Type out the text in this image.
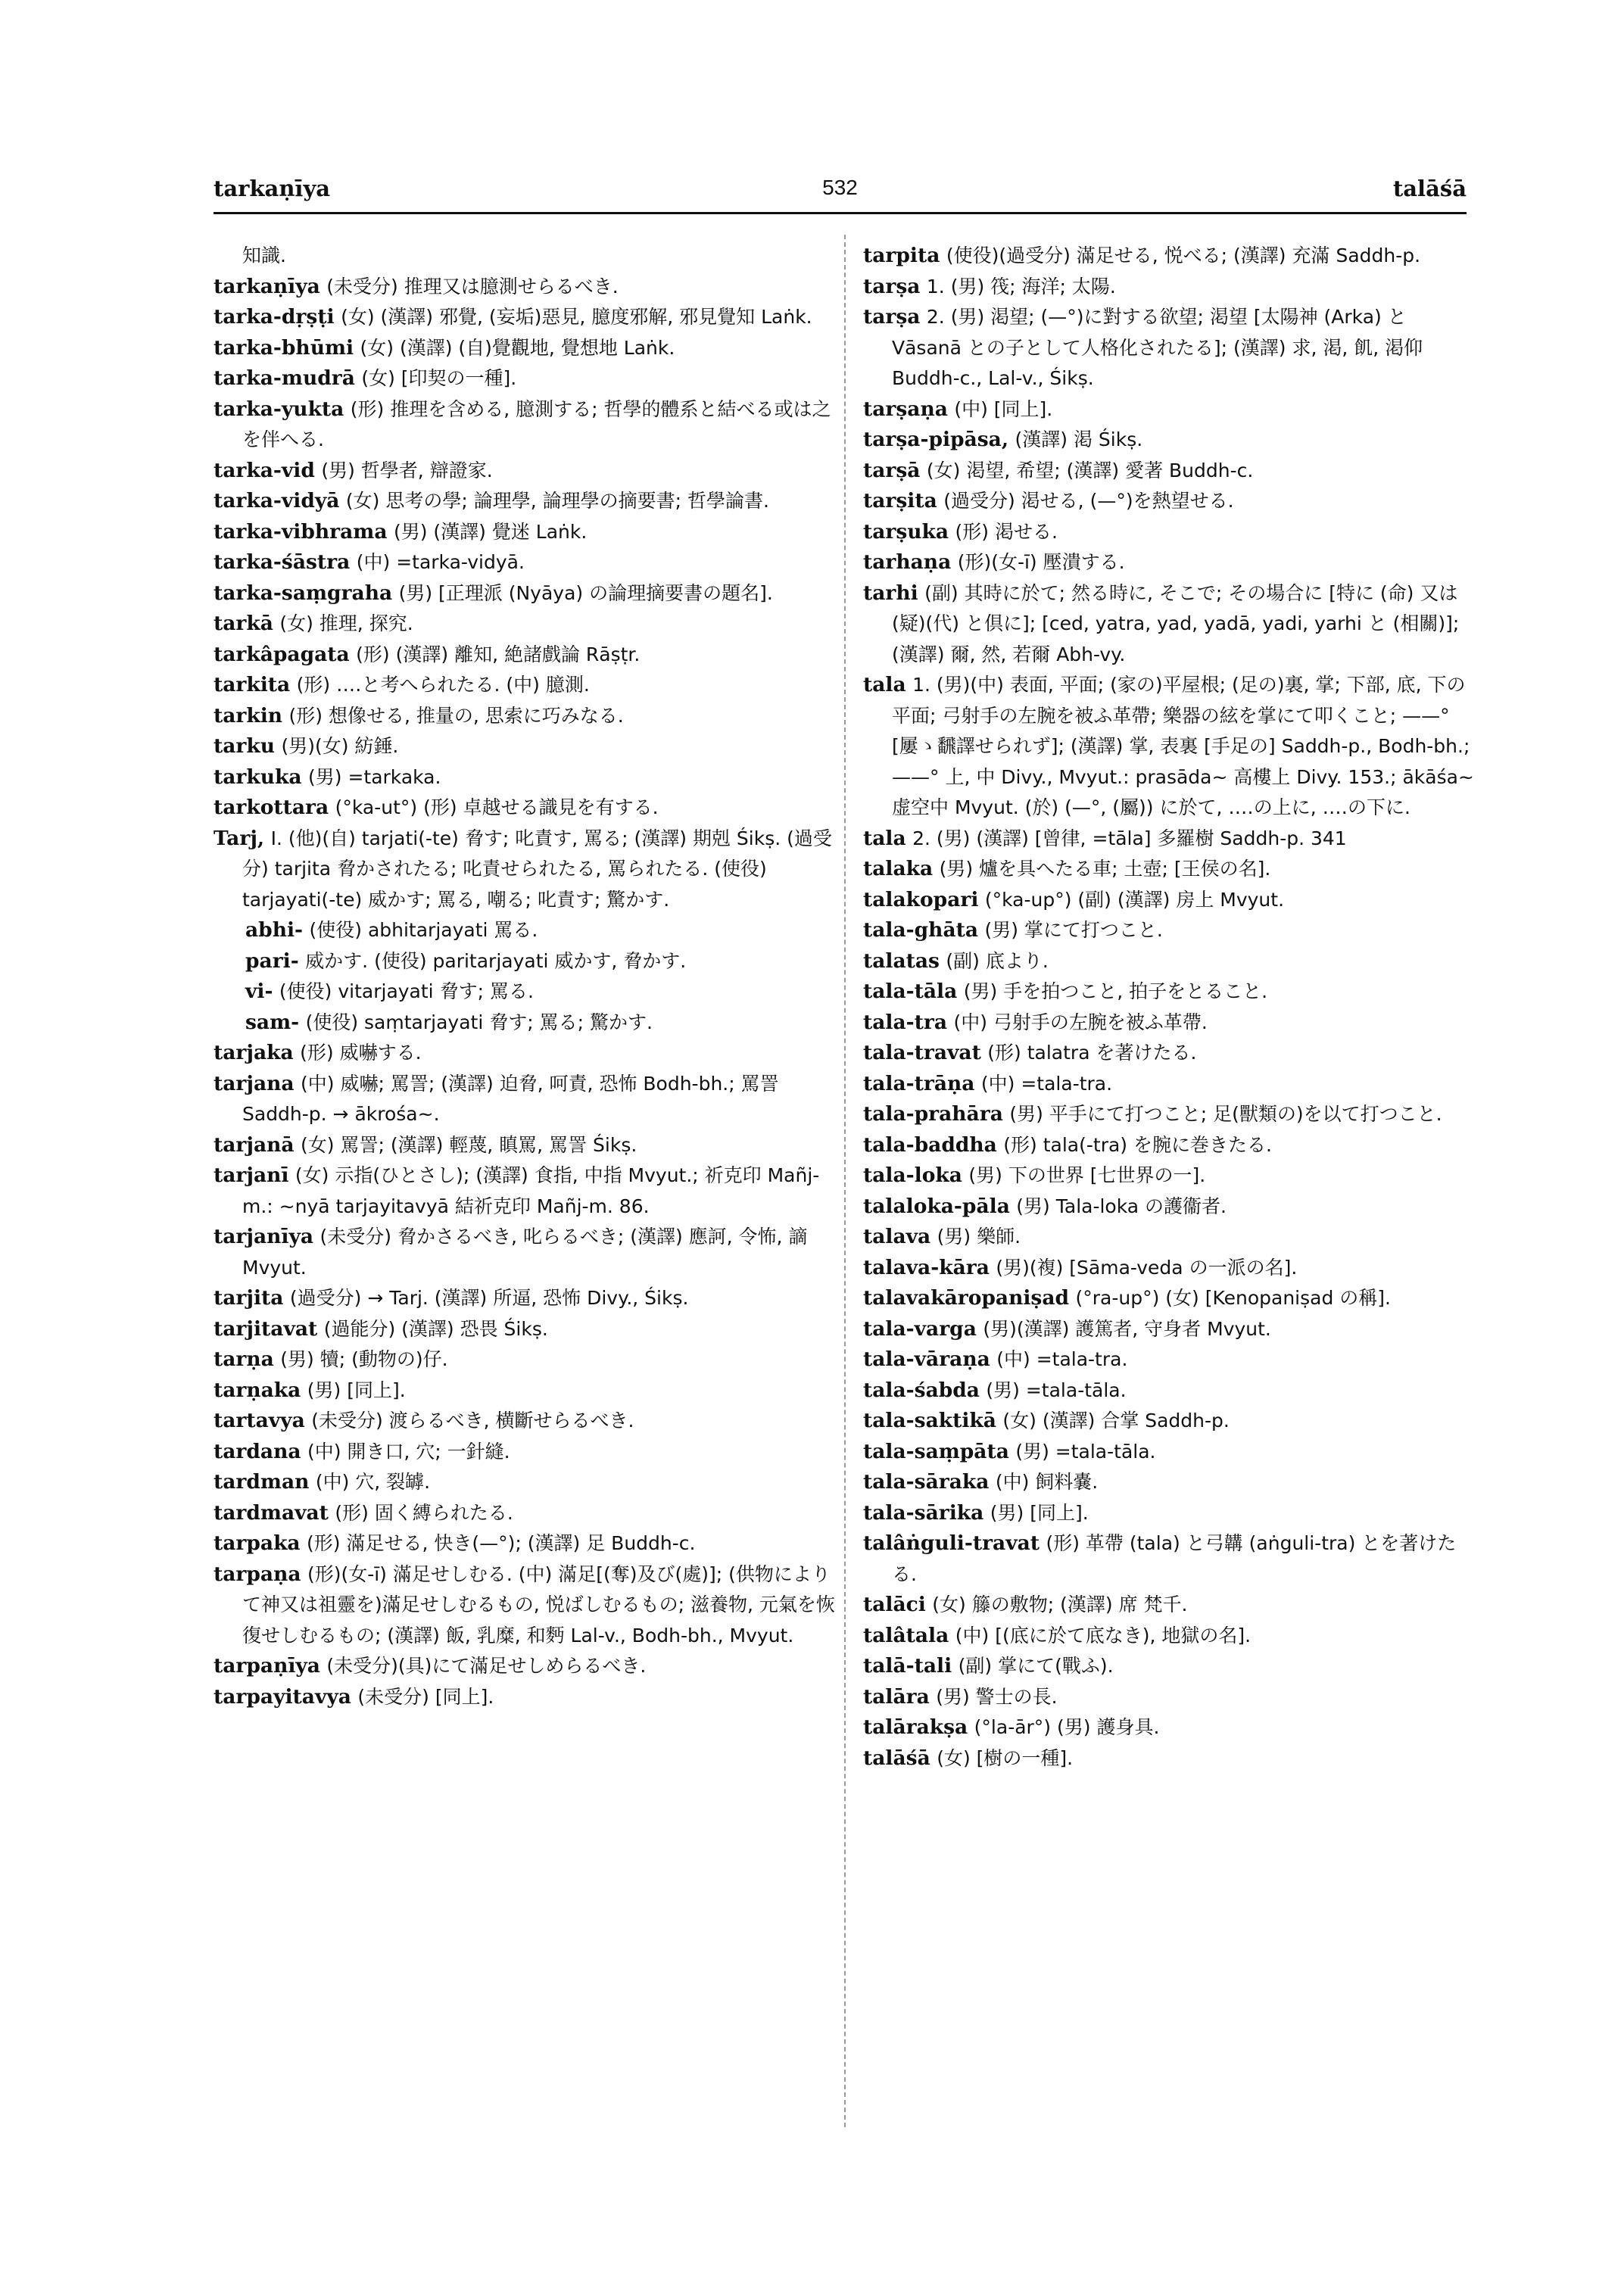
tarkaṇīya	532	talāśā

知識.

tarkaṇīya (未受分) 推理又は臆測せらるべき.

tarka-dṛṣṭi (女) (漢譯) 邪覺, (妄垢)惡見, 臆度邪解, 邪見覺知 Laṅk.

tarka-bhūmi (女) (漢譯) (自)覺觀地, 覺想地 Laṅk.

tarka-mudrā (女) [印契の一種].

tarka-yukta (形) 推理を含める, 臆測する; 哲學的體系と結べる或は之を伴へる.

tarka-vid (男) 哲學者, 辯證家.

tarka-vidyā (女) 思考の學; 論理學, 論理學の摘要書; 哲學論書.

tarka-vibhrama (男) (漢譯) 覺迷 Laṅk.

tarka-śāstra (中) =tarka-vidyā.

tarka-saṃgraha (男) [正理派 (Nyāya) の論理摘要書の題名].

tarkā (女) 推理, 探究.

tarkâpagata (形) (漢譯) 離知, 絶諸戲論 Rāṣṭr.

tarkita (形) ‥‥と考へられたる. (中) 臆測.

tarkin (形) 想像せる, 推量の, 思索に巧みなる.

tarku (男)(女) 紡錘.

tarkuka (男) =tarkaka.

tarkottara (°ka-ut°) (形) 卓越せる識見を有する.

Tarj, I. (他)(自) tarjati(-te) 脅す; 叱責す, 罵る; (漢譯) 期剋 Śikṣ. (過受分) tarjita 脅かされたる; 叱責せられたる, 罵られたる. (使役) tarjayati(-te) 威かす; 罵る, 嘲る; 叱責す; 驚かす.

abhi- (使役) abhitarjayati 罵る.

pari- 威かす. (使役) paritarjayati 威かす, 脅かす.

vi- (使役) vitarjayati 脅す; 罵る.

sam- (使役) saṃtarjayati 脅す; 罵る; 驚かす.

tarjaka (形) 威嚇する.

tarjana (中) 威嚇; 罵詈; (漢譯) 迫脅, 呵責, 恐怖 Bodh-bh.; 罵詈 Saddh-p. → ākrośa~.

tarjanā (女) 罵詈; (漢譯) 輕蔑, 瞋罵, 罵詈 Śikṣ.

tarjanī (女) 示指(ひとさし); (漢譯) 食指, 中指 Mvyut.; 祈克印 Mañj-m.: ~nyā tarjayitavyā 結祈克印 Mañj-m. 86.

tarjanīya (未受分) 脅かさるべき, 叱らるべき; (漢譯) 應訶, 令怖, 謫 Mvyut.

tarjita (過受分) → Tarj. (漢譯) 所逼, 恐怖 Divy., Śikṣ.

tarjitavat (過能分) (漢譯) 恐畏 Śikṣ.

tarṇa (男) 犢; (動物の)仔.

tarṇaka (男) [同上].

tartavya (未受分) 渡らるべき, 横斷せらるべき.

tardana (中) 開き口, 穴; 一針縫.

tardman (中) 穴, 裂罅.

tardmavat (形) 固く縛られたる.

tarpaka (形) 滿足せる, 快き(—°); (漢譯) 足 Buddh-c.

tarpaṇa (形)(女-ī) 滿足せしむる. (中) 滿足[(奪)及び(處)]; (供物によりて神又は祖靈を)滿足せしむるもの, 悦ばしむるもの; 滋養物, 元氣を恢復せしむるもの; (漢譯) 飯, 乳糜, 和麪 Lal-v., Bodh-bh., Mvyut.

tarpaṇīya (未受分)(具)にて滿足せしめらるべき.

tarpayitavya (未受分) [同上].

tarpita (使役)(過受分) 滿足せる, 悦べる; (漢譯) 充滿 Saddh-p.

tarṣa 1. (男) 筏; 海洋; 太陽.

tarṣa 2. (男) 渇望; (—°)に對する欲望; 渇望 [太陽神 (Arka) と Vāsanā との子として人格化されたる]; (漢譯) 求, 渇, 飢, 渇仰 Buddh-c., Lal-v., Śikṣ.

tarṣaṇa (中) [同上].

tarṣa-pipāsa, (漢譯) 渇 Śikṣ.

tarṣā (女) 渇望, 希望; (漢譯) 愛著 Buddh-c.

tarṣita (過受分) 渇せる, (—°)を熱望せる.

tarṣuka (形) 渇せる.

tarhaṇa (形)(女-ī) 壓潰する.

tarhi (副) 其時に於て; 然る時に, そこで; その場合に [特に (命) 又は (疑)(代) と倶に]; [ced, yatra, yad, yadā, yadi, yarhi と (相關)]; (漢譯) 爾, 然, 若爾 Abh-vy.

tala 1. (男)(中) 表面, 平面; (家の)平屋根; (足の)裏, 掌; 下部, 底, 下の平面; 弓射手の左腕を被ふ革帶; 樂器の絃を掌にて叩くこと; ——° [屢ゝ飜譯せられず]; (漢譯) 掌, 表裏 [手足の] Saddh-p., Bodh-bh.; ——° 上, 中 Divy., Mvyut.: prasāda~ 高樓上 Divy. 153.; ākāśa~ 虚空中 Mvyut. (於) (—°, (屬)) に於て, ‥‥の上に, ‥‥の下に.

tala 2. (男) (漢譯) [曾律, =tāla] 多羅樹 Saddh-p. 341

talaka (男) 爐を具へたる車; 土壺; [王侯の名].

talakopari (°ka-up°) (副) (漢譯) 房上 Mvyut.

tala-ghāta (男) 掌にて打つこと.

talatas (副) 底より.

tala-tāla (男) 手を拍つこと, 拍子をとること.

tala-tra (中) 弓射手の左腕を被ふ革帶.

tala-travat (形) talatra を著けたる.

tala-trāṇa (中) =tala-tra.

tala-prahāra (男) 平手にて打つこと; 足(獸類の)を以て打つこと.

tala-baddha (形) tala(-tra) を腕に巻きたる.

tala-loka (男) 下の世界 [七世界の一].

talaloka-pāla (男) Tala-loka の護衞者.

talava (男) 樂師.

talava-kāra (男)(複) [Sāma-veda の一派の名].

talavakāropaniṣad (°ra-up°) (女) [Kenopaniṣad の稱].

tala-varga (男)(漢譯) 護篤者, 守身者 Mvyut.

tala-vāraṇa (中) =tala-tra.

tala-śabda (男) =tala-tāla.

tala-saktikā (女) (漢譯) 合掌 Saddh-p.

tala-saṃpāta (男) =tala-tāla.

tala-sāraka (中) 飼料嚢.

tala-sārika (男) [同上].

talâṅguli-travat (形) 革帶 (tala) と弓韝 (aṅguli-tra) とを著けたる.

talāci (女) 籐の敷物; (漢譯) 席 梵千.

talâtala (中) [(底に於て底なき), 地獄の名].

talā-tali (副) 掌にて(戰ふ).

talāra (男) 警士の長.

talārakṣa (°la-ār°) (男) 護身具.

talāśā (女) [樹の一種].
